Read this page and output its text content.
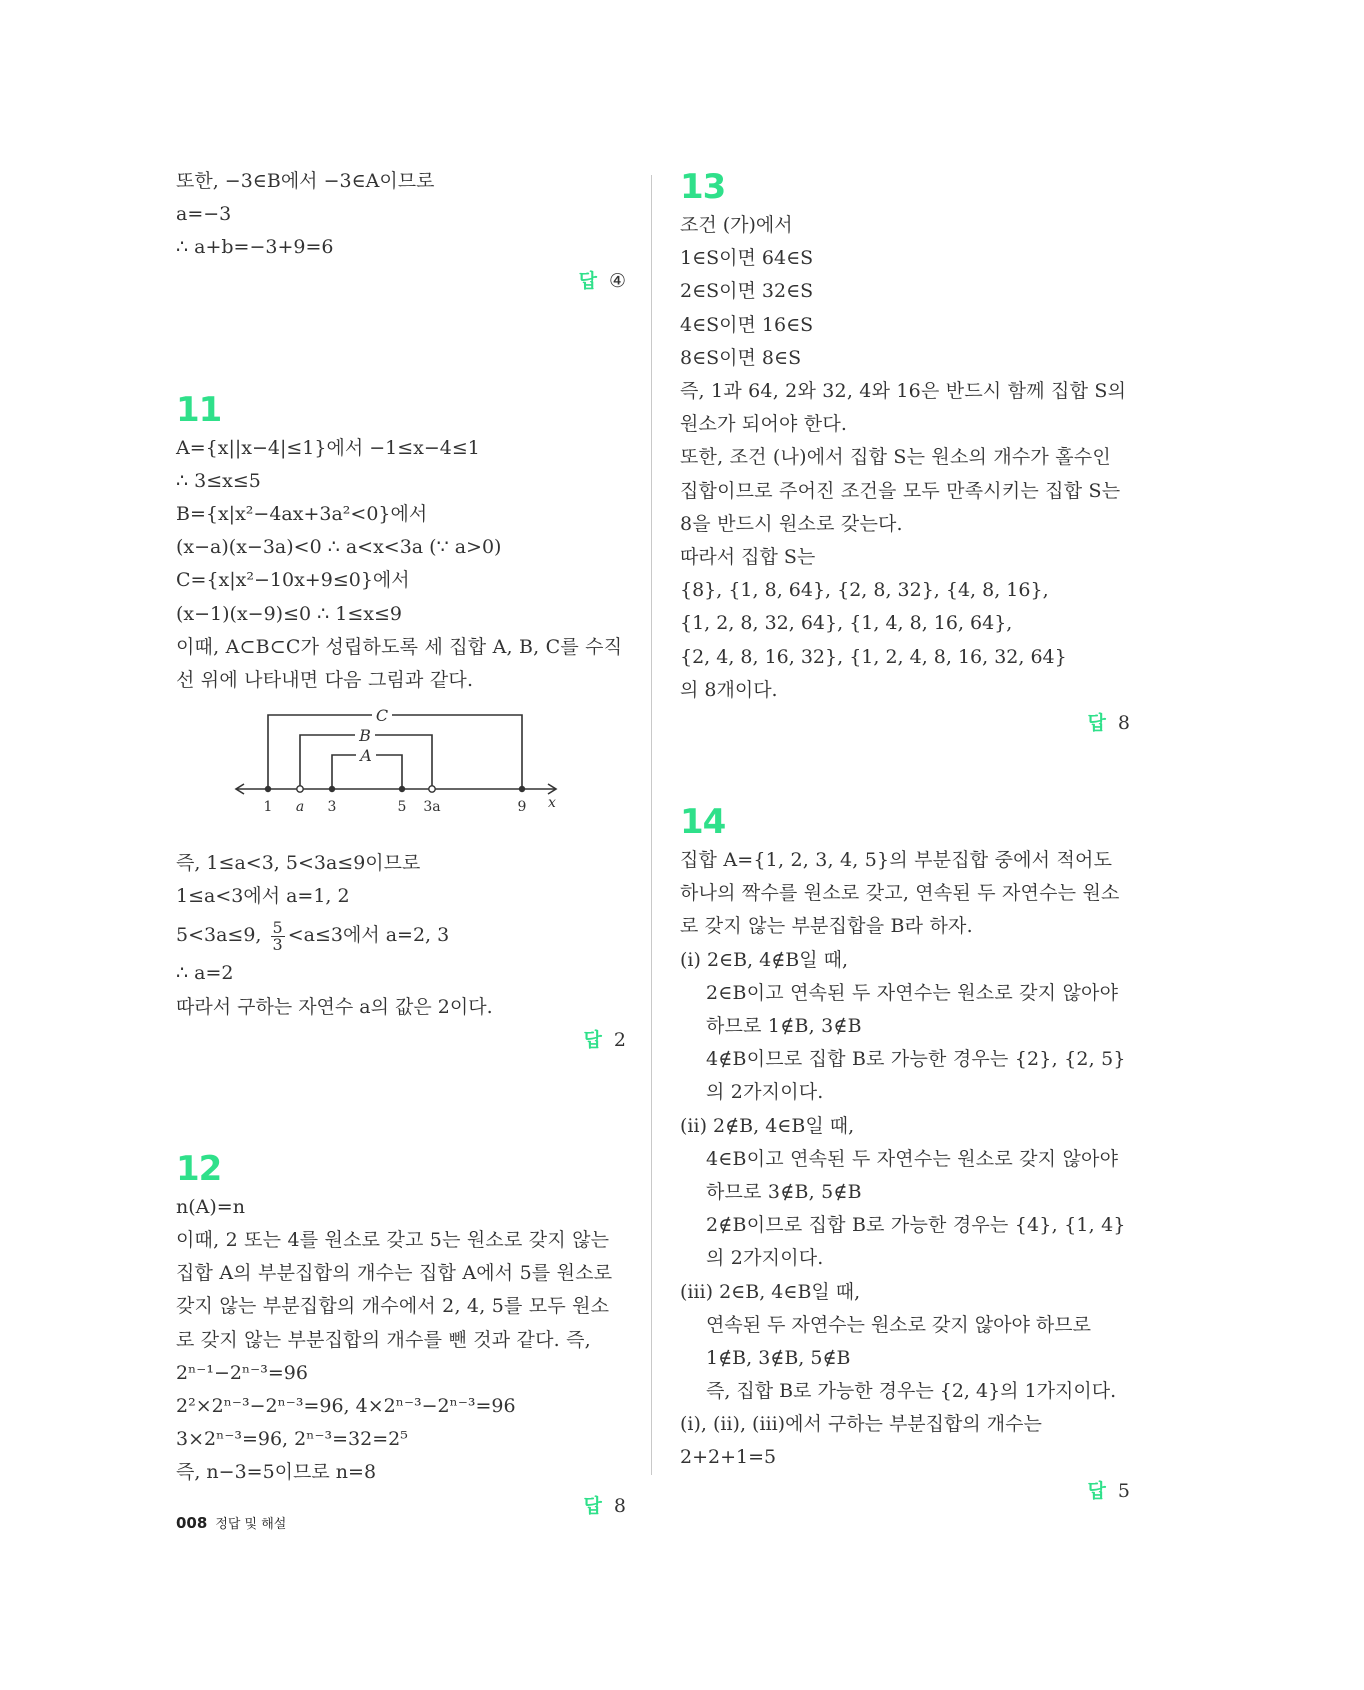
또한, −3∈B에서 −3∈A이므로
a=−3
∴ a+b=−3+9=6
답 ④
11
A={x||x−4|≤1}에서 −1≤x−4≤1
∴ 3≤x≤5
B={x|x²−4ax+3a²<0}에서
(x−a)(x−3a)<0 ∴ a<x<3a (∵ a>0)
C={x|x²−10x+9≤0}에서
(x−1)(x−9)≤0 ∴ 1≤x≤9
이때, A⊂B⊂C가 성립하도록 세 집합 A, B, C를 수직선 위에 나타내면 다음 그림과 같다.
C
B
A
1 a 3	5 3a	9 x
즉, 1≤a<3, 5<3a≤9이므로
1≤a<3에서 a=1, 2
5<3a≤9, $\frac{5}{3} <a\le 3$에서 a=2, 3
∴ a=2
따라서 구하는 자연수 a의 값은 2이다.
답 2
12
n(A)=n
이때, 2 또는 4를 원소로 갖고 5는 원소로 갖지 않는 집합 A의 부분집합의 개수는 집합 A에서 5를 원소로 갖지 않는 부분집합의 개수에서 2, 4, 5를 모두 원소로 갖지 않는 부분집합의 개수를 뺀 것과 같다. 즉,
2ⁿ⁻¹−2ⁿ⁻³=96
2²×2ⁿ⁻³−2ⁿ⁻³=96, 4×2ⁿ⁻³−2ⁿ⁻³=96
3×2ⁿ⁻³=96, 2ⁿ⁻³=32=2⁵
즉, n−3=5이므로 n=8
답 8
13
조건 (가)에서
1∈S이면 64∈S
2∈S이면 32∈S
4∈S이면 16∈S
8∈S이면 8∈S
즉, 1과 64, 2와 32, 4와 16은 반드시 함께 집합 S의 원소가 되어야 한다.
또한, 조건 (나)에서 집합 S는 원소의 개수가 홀수인 집합이므로 주어진 조건을 모두 만족시키는 집합 S는 8을 반드시 원소로 갖는다.
따라서 집합 S는
{8}, {1, 8, 64}, {2, 8, 32}, {4, 8, 16},
{1, 2, 8, 32, 64}, {1, 4, 8, 16, 64},
{2, 4, 8, 16, 32}, {1, 2, 4, 8, 16, 32, 64}
의 8개이다.
답 8
14
집합 A={1, 2, 3, 4, 5}의 부분집합 중에서 적어도 하나의 짝수를 원소로 갖고, 연속된 두 자연수는 원소로 갖지 않는 부분집합을 B라 하자.
(ⅰ) 2∈B, 4∉B일 때,
2∈B이고 연속된 두 자연수는 원소로 갖지 않아야 하므로 1∉B, 3∉B
4∉B이므로 집합 B로 가능한 경우는 {2}, {2, 5}의 2가지이다.
(ⅱ) 2∉B, 4∈B일 때,
4∈B이고 연속된 두 자연수는 원소로 갖지 않아야 하므로 3∉B, 5∉B
2∉B이므로 집합 B로 가능한 경우는 {4}, {1, 4}의 2가지이다.
(ⅲ) 2∈B, 4∈B일 때,
연속된 두 자연수는 원소로 갖지 않아야 하므로
1∉B, 3∉B, 5∉B
즉, 집합 B로 가능한 경우는 {2, 4}의 1가지이다.
(ⅰ), (ⅱ), (ⅲ)에서 구하는 부분집합의 개수는
2+2+1=5
답 5
008 정답 및 해설
